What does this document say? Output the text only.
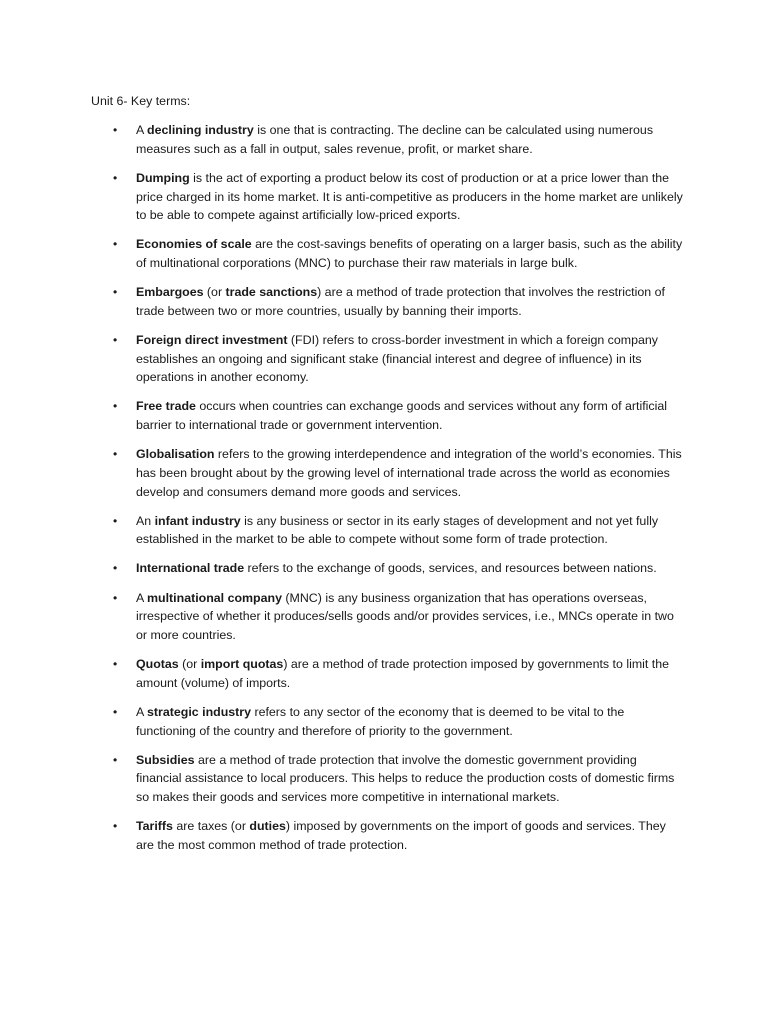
Unit 6- Key terms:
• A declining industry is one that is contracting. The decline can be calculated using numerous measures such as a fall in output, sales revenue, profit, or market share.
• Dumping is the act of exporting a product below its cost of production or at a price lower than the price charged in its home market. It is anti-competitive as producers in the home market are unlikely to be able to compete against artificially low-priced exports.
• Economies of scale are the cost-savings benefits of operating on a larger basis, such as the ability of multinational corporations (MNC) to purchase their raw materials in large bulk.
• Embargoes (or trade sanctions) are a method of trade protection that involves the restriction of trade between two or more countries, usually by banning their imports.
• Foreign direct investment (FDI) refers to cross-border investment in which a foreign company establishes an ongoing and significant stake (financial interest and degree of influence) in its operations in another economy.
• Free trade occurs when countries can exchange goods and services without any form of artificial barrier to international trade or government intervention.
• Globalisation refers to the growing interdependence and integration of the world’s economies. This has been brought about by the growing level of international trade across the world as economies develop and consumers demand more goods and services.
• An infant industry is any business or sector in its early stages of development and not yet fully established in the market to be able to compete without some form of trade protection.
• International trade refers to the exchange of goods, services, and resources between nations.
• A multinational company (MNC) is any business organization that has operations overseas, irrespective of whether it produces/sells goods and/or provides services, i.e., MNCs operate in two or more countries.
• Quotas (or import quotas) are a method of trade protection imposed by governments to limit the amount (volume) of imports.
• A strategic industry refers to any sector of the economy that is deemed to be vital to the functioning of the country and therefore of priority to the government.
• Subsidies are a method of trade protection that involve the domestic government providing financial assistance to local producers. This helps to reduce the production costs of domestic firms so makes their goods and services more competitive in international markets.
• Tariffs are taxes (or duties) imposed by governments on the import of goods and services. They are the most common method of trade protection.
